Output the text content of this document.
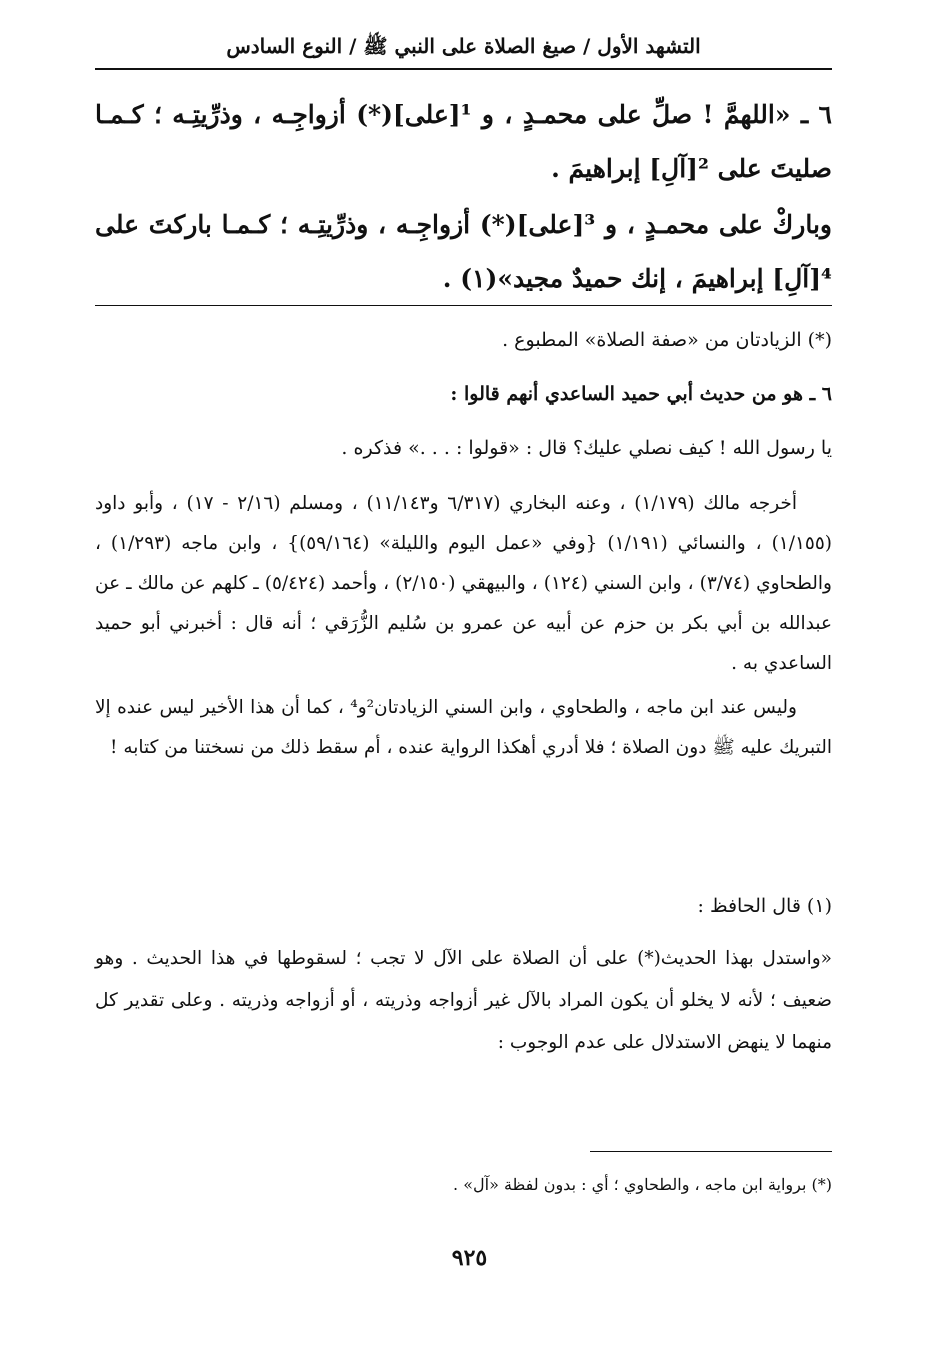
التشهد الأول / صيغ الصلاة على النبي ﷺ / النوع السادس

٦ ـ «اللهمَّ ! صلِّ على محمـدٍ ، و ¹[على](*) أزواجِـه ، وذرِّيتِـه ؛ كـمـا صليتَ على ²[آلِ] إبراهيمَ .

وباركْ على محمـدٍ ، و ³[على](*) أزواجِـه ، وذرِّيتِـه ؛ كـمـا باركتَ على ⁴[آلِ] إبراهيمَ ، إنك حميدٌ مجيد»(١) .

(*) الزيادتان من «صفة الصلاة» المطبوع .
٦ ـ هو من حديث أبي حميد الساعدي أنهم قالوا :
يا رسول الله ! كيف نصلي عليك؟ قال : «قولوا : . . .» فذكره .

أخرجه مالك (١/١٧٩) ، وعنه البخاري (٦/٣١٧ و١١/١٤٣) ، ومسلم (٢/١٦ - ١٧) ، وأبو داود (١/١٥٥) ، والنسائي (١/١٩١) {وفي «عمل اليوم والليلة» (٥٩/١٦٤)} ، وابن ماجه (١/٢٩٣) ، والطحاوي (٣/٧٤) ، وابن السني (١٢٤) ، والبيهقي (٢/١٥٠) ، وأحمد (٥/٤٢٤) ـ كلهم عن مالك ـ عن عبدالله بن أبي بكر بن حزم عن أبيه عن عمرو بن سُليم الزُّرَقي ؛ أنه قال : أخبرني أبو حميد الساعدي به .

وليس عند ابن ماجه ، والطحاوي ، وابن السني الزيادتان²و⁴ ، كما أن هذا الأخير ليس عنده إلا التبريك عليه ﷺ دون الصلاة ؛ فلا أدري أهكذا الرواية عنده ، أم سقط ذلك من نسختنا من كتابه !

(١) قال الحافظ :

«واستدل بهذا الحديث(*) على أن الصلاة على الآل لا تجب ؛ لسقوطها في هذا الحديث . وهو ضعيف ؛ لأنه لا يخلو أن يكون المراد بالآل غير أزواجه وذريته ، أو أزواجه وذريته . وعلى تقدير كل منهما لا ينهض الاستدلال على عدم الوجوب :

(*) برواية ابن ماجه ، والطحاوي ؛ أي : بدون لفظة «آل» .
٩٢٥
